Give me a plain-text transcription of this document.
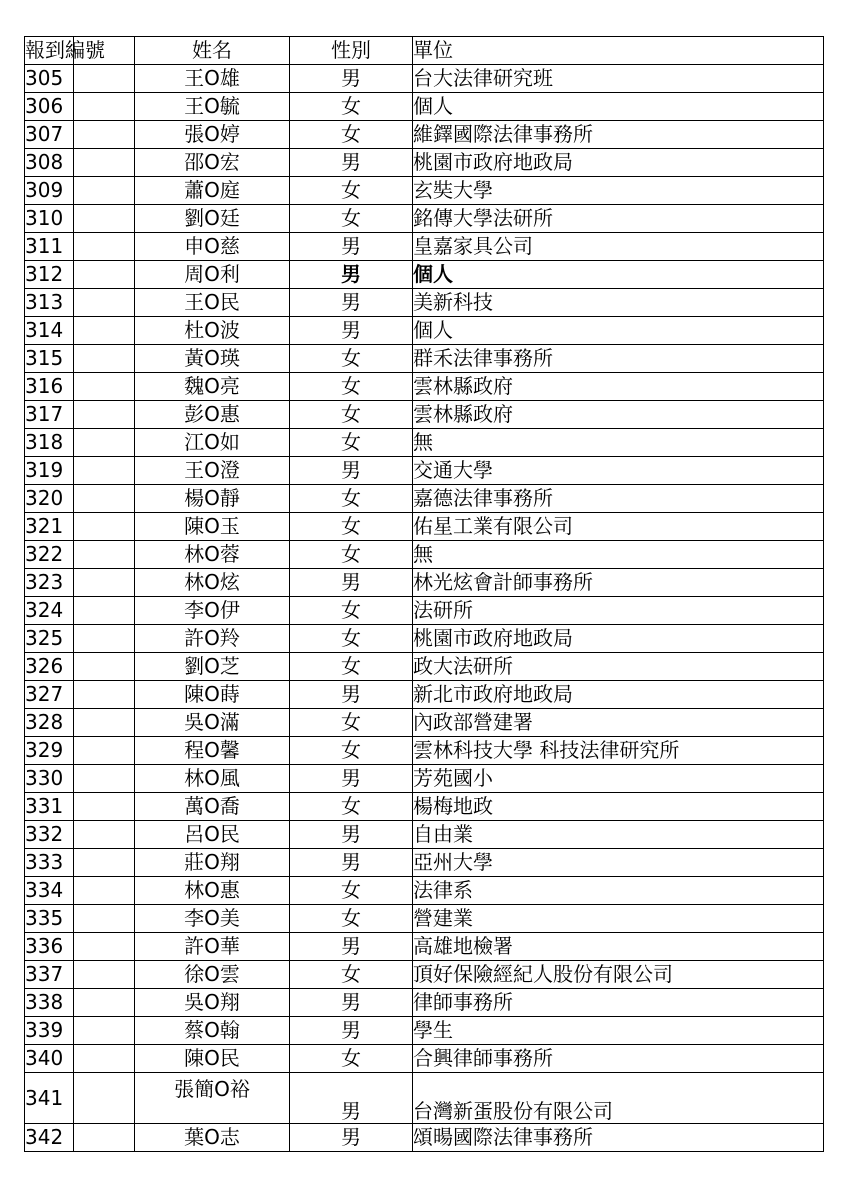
報到編號		姓名	性別	單位
305		王O雄	男	台大法律研究班
306		王O毓	女	個人
307		張O婷	女	維鐸國際法律事務所
308		邵O宏	男	桃園市政府地政局
309		蕭O庭	女	玄奘大學
310		劉O廷	女	銘傳大學法研所
311		申O慈	男	皇嘉家具公司
312		周O利	男	個人
313		王O民	男	美新科技
314		杜O波	男	個人
315		黃O瑛	女	群禾法律事務所
316		魏O亮	女	雲林縣政府
317		彭O惠	女	雲林縣政府
318		江O如	女	無
319		王O澄	男	交通大學
320		楊O靜	女	嘉德法律事務所
321		陳O玉	女	佑星工業有限公司
322		林O蓉	女	無
323		林O炫	男	林光炫會計師事務所
324		李O伊	女	法研所
325		許O羚	女	桃園市政府地政局
326		劉O芝	女	政大法研所
327		陳O蒔	男	新北市政府地政局
328		吳O滿	女	內政部營建署
329		程O馨	女	雲林科技大學 科技法律研究所
330		林O風	男	芳苑國小
331		萬O喬	女	楊梅地政
332		呂O民	男	自由業
333		莊O翔	男	亞州大學
334		林O惠	女	法律系
335		李O美	女	營建業
336		許O華	男	高雄地檢署
337		徐O雲	女	頂好保險經紀人股份有限公司
338		吳O翔	男	律師事務所
339		蔡O翰	男	學生
340		陳O民	女	合興律師事務所
341		張簡O裕	男	台灣新蛋股份有限公司
342		葉O志	男	頌暘國際法律事務所
